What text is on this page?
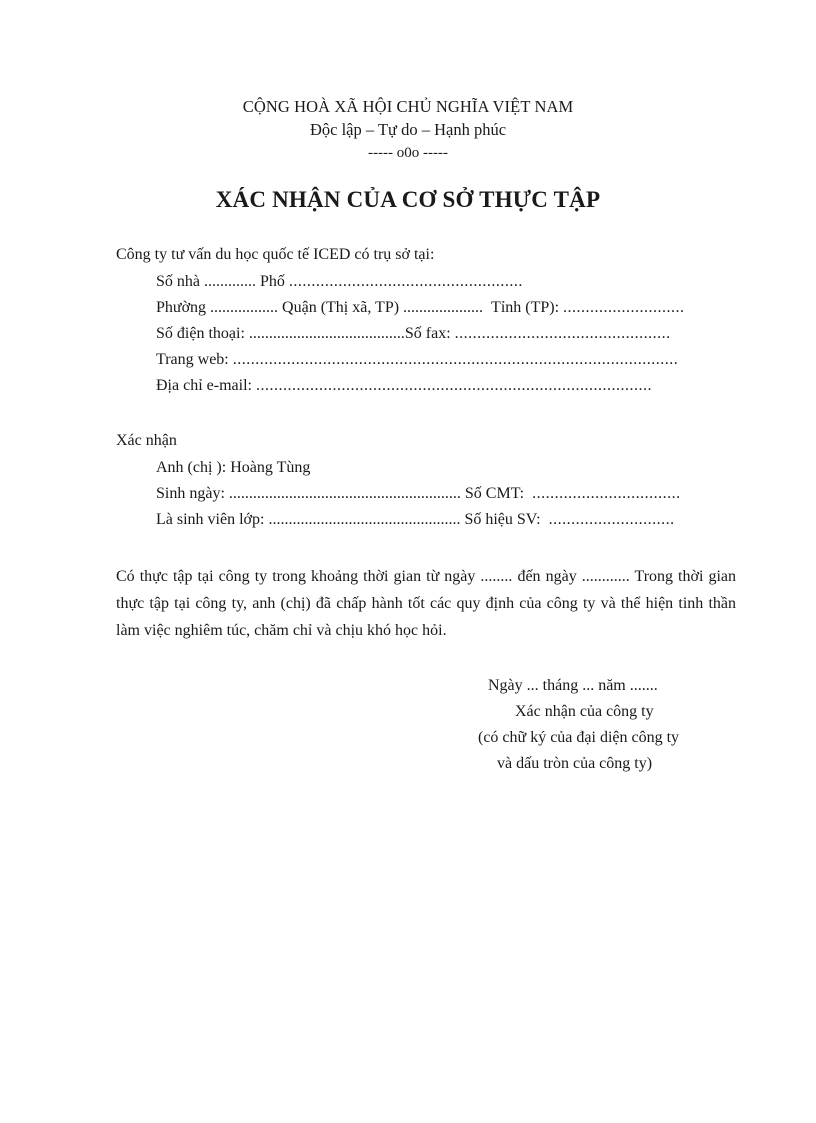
CỘNG HOÀ XÃ HỘI CHỦ NGHĨA VIỆT NAM
Độc lập – Tự do – Hạnh phúc
----- o0o -----
XÁC NHẬN CỦA CƠ SỞ THỰC TẬP
Công ty tư vấn du học quốc tế ICED có trụ sở tại:
Số nhà ............. Phố ....................................................
Phường ................. Quận (Thị xã, TP) .................... Tỉnh (TP): ...........................
Số điện thoại: ...................................... .Số fax: ................................................
Trang web: ...................................................................................................
Địa chỉ e-mail: ........................................................................................
Xác nhận
Anh (chị ): Hoàng Tùng
Sinh ngày: .......................................................... Số CMT: .................................
Là sinh viên lớp: ................................................ Số hiệu SV: ............................
Có thực tập tại công ty trong khoảng thời gian từ ngày ........ đến ngày ............ Trong thời gian thực tập tại công ty, anh (chị) đã chấp hành tốt các quy định của công ty và thể hiện tinh thần làm việc nghiêm túc, chăm chỉ và chịu khó học hỏi.
Ngày ... tháng ... năm .......
Xác nhận của công ty
(có chữ ký của đại diện công ty
và dấu tròn của công ty)
